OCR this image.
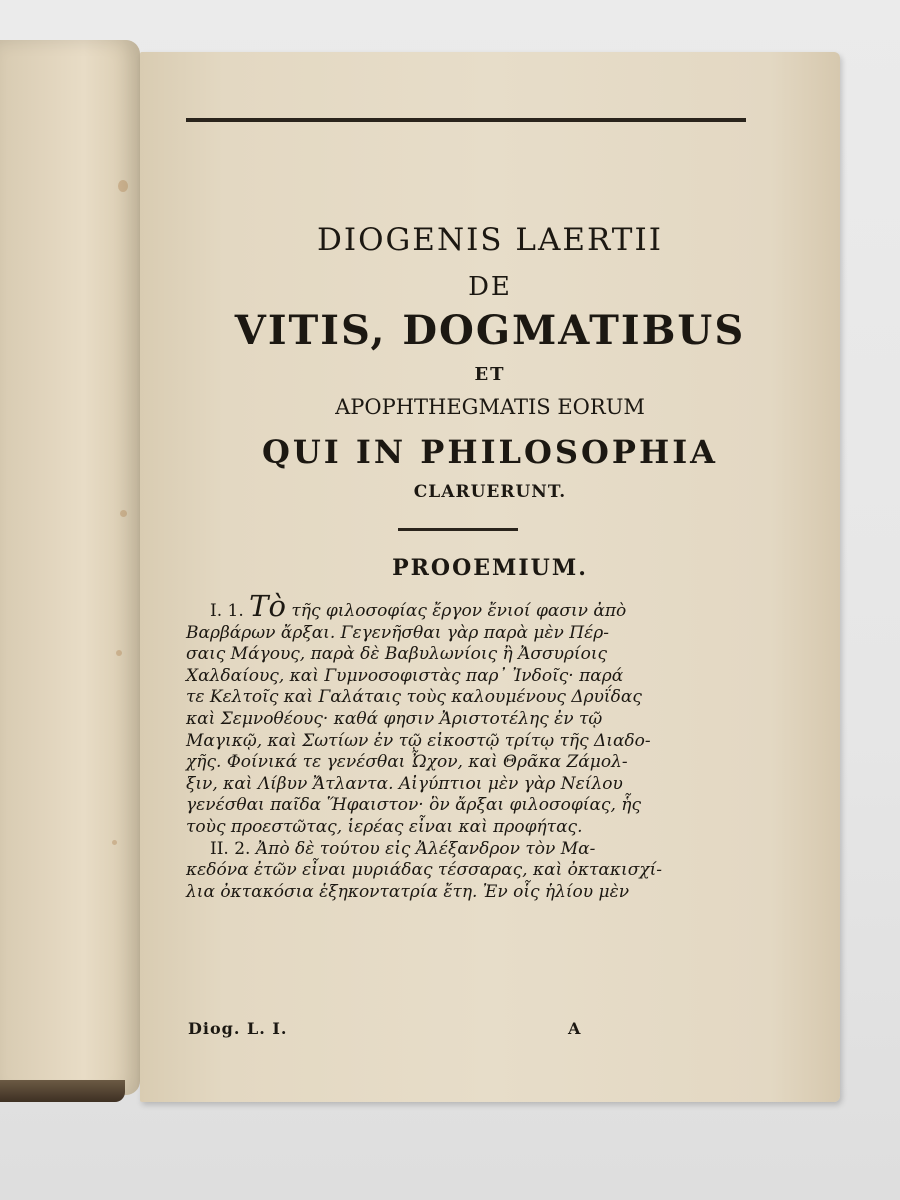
DIOGENIS LAERTII
DE
VITIS, DOGMATIBUS
ET
APOPHTHEGMATIS EORUM
QUI IN PHILOSOPHIA
CLARUERUNT.
PROOEMIUM.
I. 1. Τὸ τῆς φιλοσοφίας ἔργον ἔνιοί φασιν ἀπὸ
Βαρβάρων ἄρξαι. Γεγενῆσθαι γὰρ παρὰ μὲν Πέρ-
σαις Μάγους, παρὰ δὲ Βαβυλωνίοις ἢ Ἀσσυρίοις
Χαλδαίους, καὶ Γυμνοσοφιστὰς παρ᾽ Ἰνδοῖς· παρά
τε Κελτοῖς καὶ Γαλάταις τοὺς καλουμένους Δρυΐδας
καὶ Σεμνοθέους· καθά φησιν Ἀριστοτέλης ἐν τῷ
Μαγικῷ, καὶ Σωτίων ἐν τῷ εἰκοστῷ τρίτῳ τῆς Διαδο-
χῆς. Φοίνικά τε γενέσθαι Ὦχον, καὶ Θρᾶκα Ζάμολ-
ξιν, καὶ Λίβυν Ἄτλαντα. Αἰγύπτιοι μὲν γὰρ Νείλου
γενέσθαι παῖδα Ἥφαιστον· ὃν ἄρξαι φιλοσοφίας, ἧς
τοὺς προεστῶτας, ἱερέας εἶναι καὶ προφήτας.
II. 2. Ἀπὸ δὲ τούτου εἰς Ἀλέξανδρον τὸν Μα-
κεδόνα ἐτῶν εἶναι μυριάδας τέσσαρας, καὶ ὀκτακισχί-
λια ὀκτακόσια ἑξηκοντατρία ἔτη. Ἐν οἷς ἡλίου μὲν
Diog. L. I.	A
